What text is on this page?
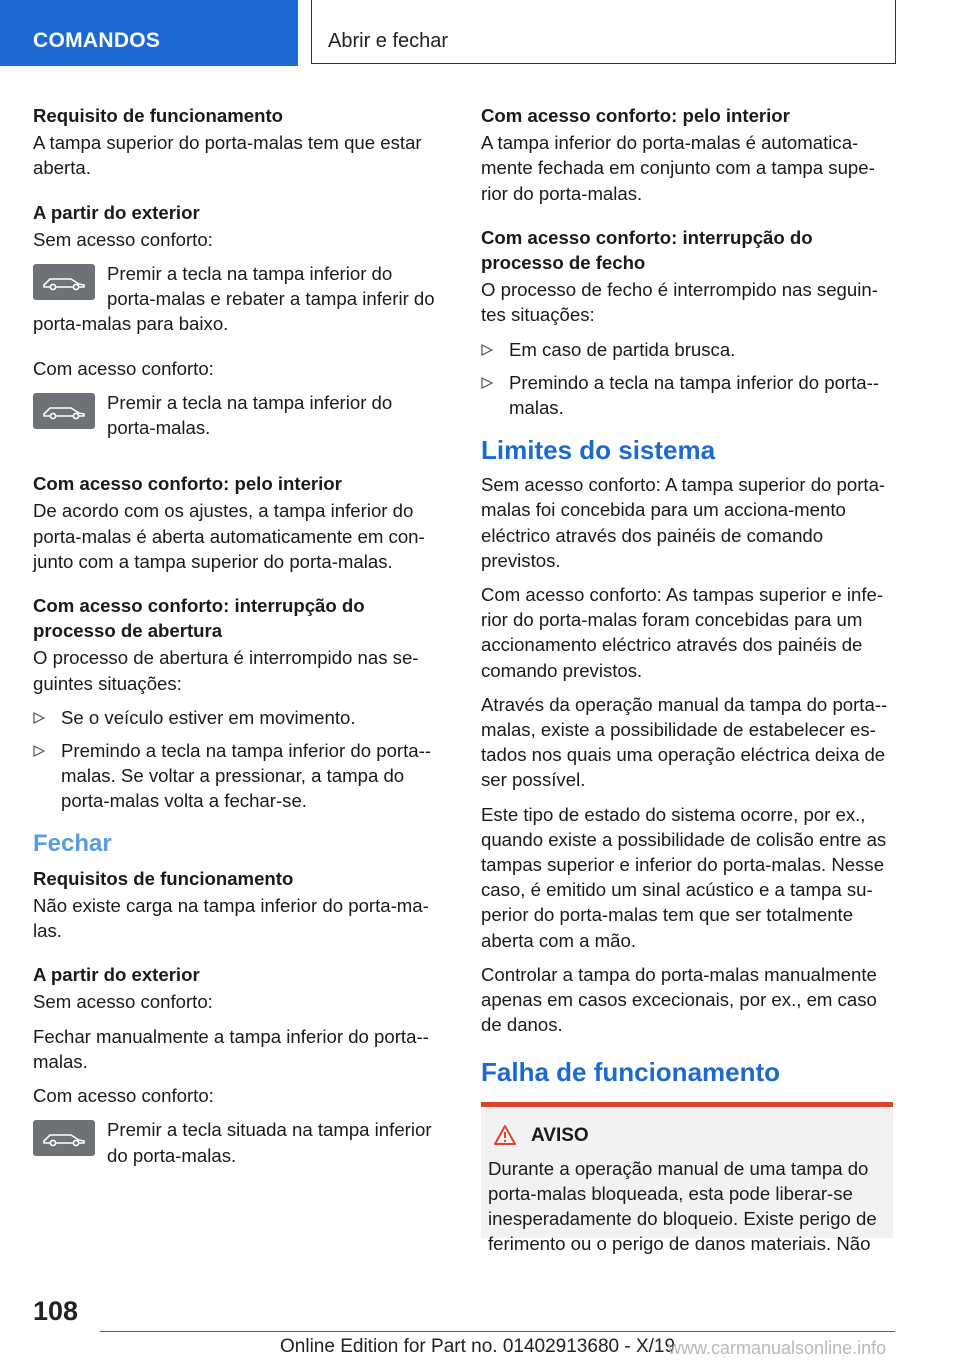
COMANDOS	Abrir e fechar
Requisito de funcionamento

A tampa superior do porta-malas tem que estar aberta.

A partir do exterior

Sem acesso conforto:

Premir a tecla na tampa inferior do porta-malas e rebater a tampa inferir do porta-malas para baixo.

Com acesso conforto:

Premir a tecla na tampa inferior do porta-malas.
Com acesso conforto: pelo interior

De acordo com os ajustes, a tampa inferior do porta-malas é aberta automaticamente em con-junto com a tampa superior do porta-malas.

Com acesso conforto: interrupção do processo de abertura

O processo de abertura é interrompido nas se-guintes situações:

Se o veículo estiver em movimento.
Premindo a tecla na tampa inferior do porta--malas. Se voltar a pressionar, a tampa do porta-malas volta a fechar-se.
Fechar
Requisitos de funcionamento

Não existe carga na tampa inferior do porta-ma-las.

A partir do exterior

Sem acesso conforto:

Fechar manualmente a tampa inferior do porta--malas.

Com acesso conforto:

Premir a tecla situada na tampa inferior do porta-malas.
Com acesso conforto: pelo interior

A tampa inferior do porta-malas é automatica-mente fechada em conjunto com a tampa supe-rior do porta-malas.

Com acesso conforto: interrupção do processo de fecho

O processo de fecho é interrompido nas seguin-tes situações:

Em caso de partida brusca.
Premindo a tecla na tampa inferior do porta--malas.
Limites do sistema

Sem acesso conforto: A tampa superior do porta-malas foi concebida para um acciona-mento eléctrico através dos painéis de comando previstos.

Com acesso conforto: As tampas superior e infe-rior do porta-malas foram concebidas para um accionamento eléctrico através dos painéis de comando previstos.

Através da operação manual da tampa do porta--malas, existe a possibilidade de estabelecer es-tados nos quais uma operação eléctrica deixa de ser possível.

Este tipo de estado do sistema ocorre, por ex., quando existe a possibilidade de colisão entre as tampas superior e inferior do porta-malas. Nesse caso, é emitido um sinal acústico e a tampa su-perior do porta-malas tem que ser totalmente aberta com a mão.

Controlar a tampa do porta-malas manualmente apenas em casos excecionais, por ex., em caso de danos.

Falha de funcionamento
AVISO
Durante a operação manual de uma tampa do porta-malas bloqueada, esta pode liberar-se inesperadamente do bloqueio. Existe perigo de ferimento ou o perigo de danos materiais. Não
108
Online Edition for Part no. 01402913680 - X/19
www.carmanualsonline.info
